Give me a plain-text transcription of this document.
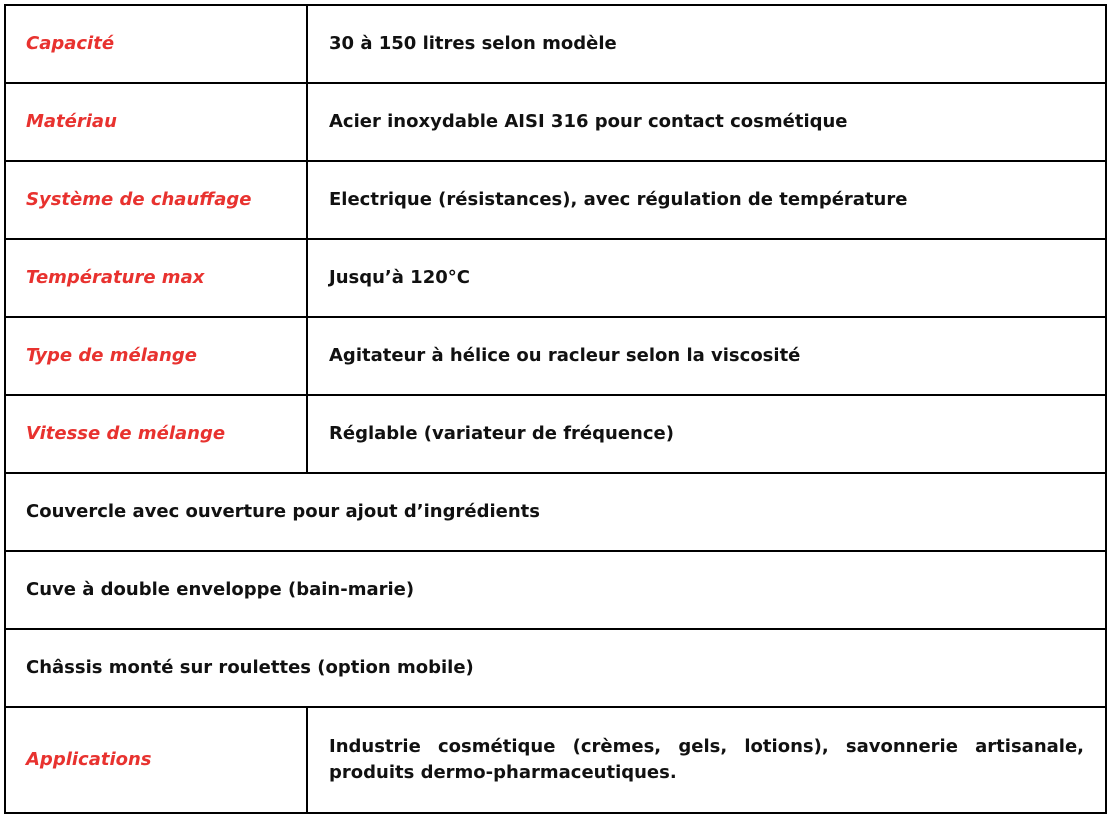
Capacité	30 à 150 litres selon modèle
Matériau	Acier inoxydable AISI 316 pour contact cosmétique
Système de chauffage	Electrique (résistances), avec régulation de température
Température max	Jusqu’à 120°C
Type de mélange	Agitateur à hélice ou racleur selon la viscosité
Vitesse de mélange	Réglable (variateur de fréquence)
Couvercle avec ouverture pour ajout d’ingrédients	
Cuve à double enveloppe (bain-marie)	
Châssis monté sur roulettes (option mobile)	
Applications	Industrie cosmétique (crèmes, gels, lotions), savonnerie artisanale, produits dermo-pharmaceutiques.
